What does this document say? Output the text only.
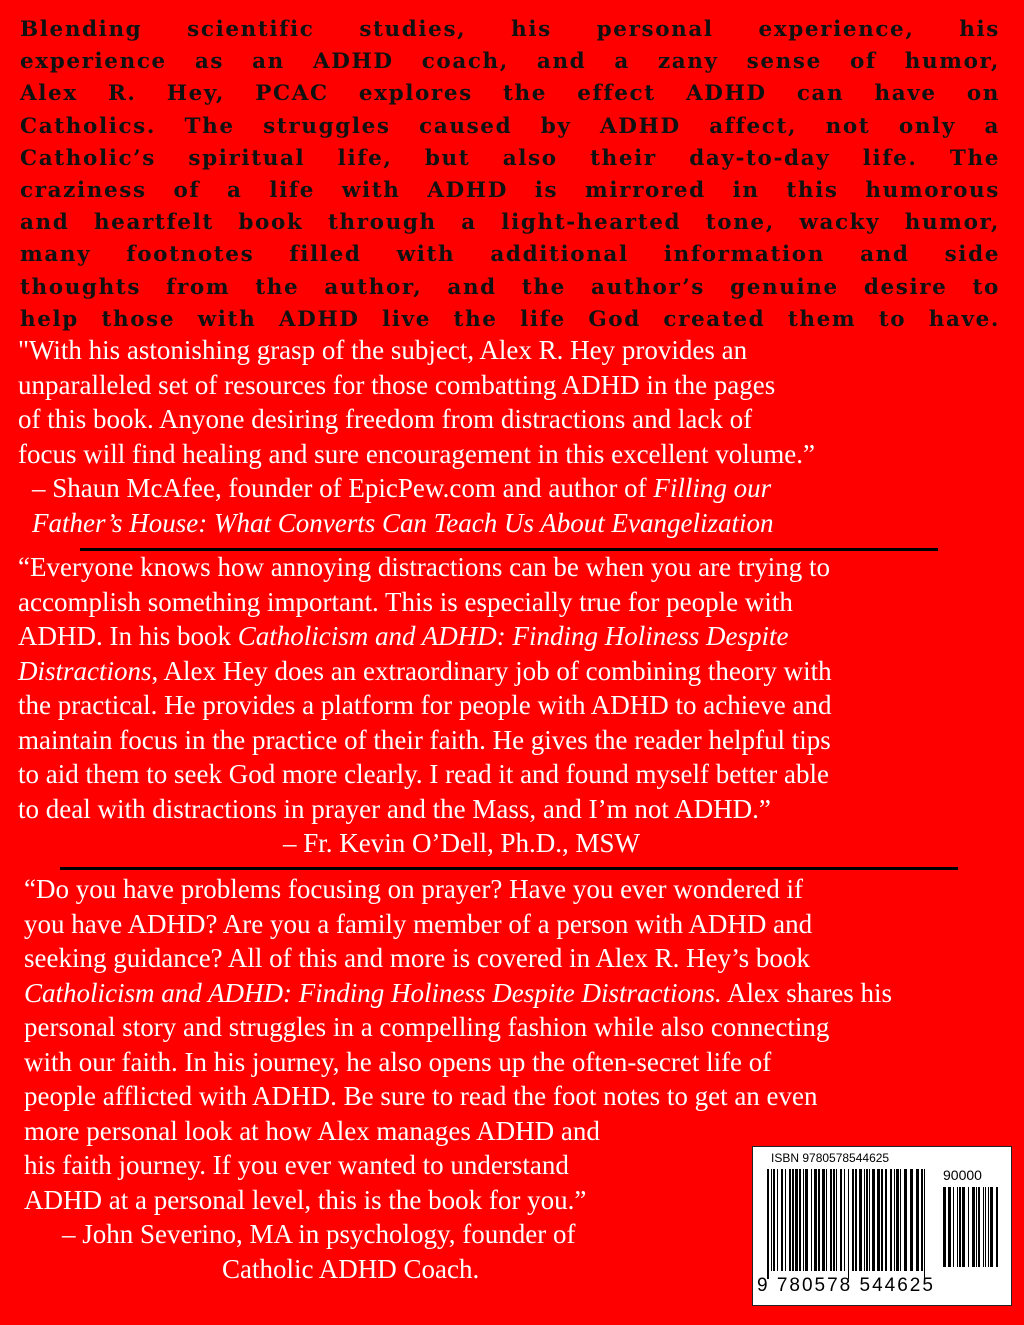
Blending scientific studies, his personal experience, his
experience as an ADHD coach, and a zany sense of humor,
Alex R. Hey, PCAC explores the effect ADHD can have on
Catholics. The struggles caused by ADHD affect, not only a
Catholic’s spiritual life, but also their day-to-day life. The
craziness of a life with ADHD is mirrored in this humorous
and heartfelt book through a light-hearted tone, wacky humor,
many footnotes filled with additional information and side
thoughts from the author, and the author’s genuine desire to
help those with ADHD live the life God created them to have.

"With his astonishing grasp of the subject, Alex R. Hey provides an
unparalleled set of resources for those combatting ADHD in the pages
of this book. Anyone desiring freedom from distractions and lack of
focus will find healing and sure encouragement in this excellent volume.”
– Shaun McAfee, founder of EpicPew.com and author of Filling our
Father’s House: What Converts Can Teach Us About Evangelization
“Everyone knows how annoying distractions can be when you are trying to
accomplish something important. This is especially true for people with
ADHD. In his book Catholicism and ADHD: Finding Holiness Despite
Distractions, Alex Hey does an extraordinary job of combining theory with
the practical. He provides a platform for people with ADHD to achieve and
maintain focus in the practice of their faith. He gives the reader helpful tips
to aid them to seek God more clearly. I read it and found myself better able
to deal with distractions in prayer and the Mass, and I’m not ADHD.”
– Fr. Kevin O’Dell, Ph.D., MSW
“Do you have problems focusing on prayer? Have you ever wondered if
you have ADHD? Are you a family member of a person with ADHD and
seeking guidance? All of this and more is covered in Alex R. Hey’s book
Catholicism and ADHD: Finding Holiness Despite Distractions. Alex shares his
personal story and struggles in a compelling fashion while also connecting
with our faith. In his journey, he also opens up the often-secret life of
people afflicted with ADHD. Be sure to read the foot notes to get an even
more personal look at how Alex manages ADHD and
his faith journey. If you ever wanted to understand
ADHD at a personal level, this is the book for you.”
– John Severino, MA in psychology, founder of
Catholic ADHD Coach.
ISBN 9780578544625
90000
9 780578 544625
